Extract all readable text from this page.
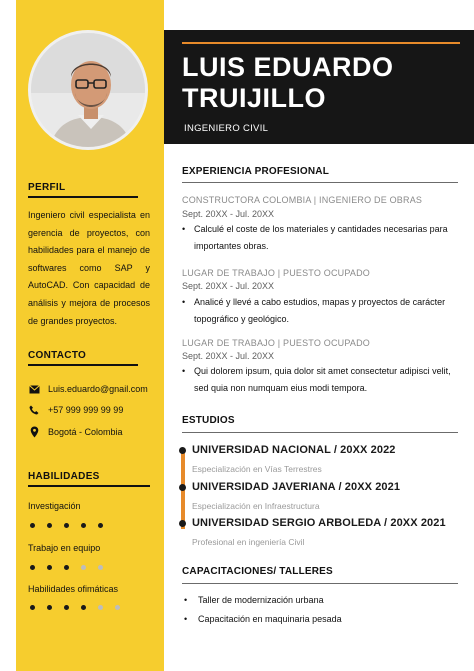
LUIS EDUARDO
TRUIJILLO
INGENIERO CIVIL
PERFIL
Ingeniero civil especialista en gerencia de proyectos, con habilidades para el manejo de softwares como SAP y AutoCAD. Con capacidad de análisis y mejora de procesos de grandes proyectos.
CONTACTO
Luis.eduardo@gnail.com
+57 999 999 99 99
Bogotá - Colombia
HABILIDADES
Investigación
Trabajo en equipo
Habilidades ofimáticas
EXPERIENCIA PROFESIONAL
CONSTRUCTORA COLOMBIA | INGENIERO DE OBRAS
Sept. 20XX - Jul. 20XX
• Calculé el coste de los materiales y cantidades necesarias para importantes obras.
LUGAR DE TRABAJO | PUESTO OCUPADO
Sept. 20XX - Jul. 20XX
• Analicé y llevé a cabo estudios, mapas y proyectos de carácter topográfico y geológico.
LUGAR DE TRABAJO | PUESTO OCUPADO
Sept. 20XX - Jul. 20XX
• Qui dolorem ipsum, quia dolor sit amet consectetur adipisci velit, sed quia non numquam eius modi tempora.
ESTUDIOS
UNIVERSIDAD NACIONAL / 20XX 2022
Especialización en Vías Terrestres
UNIVERSIDAD JAVERIANA / 20XX 2021
Especialización en Infraestructura
UNIVERSIDAD SERGIO ARBOLEDA / 20XX 2021
Profesional en ingeniería Civil
CAPACITACIONES/ TALLERES
•	Taller de modernización urbana
•	Capacitación en maquinaria pesada
